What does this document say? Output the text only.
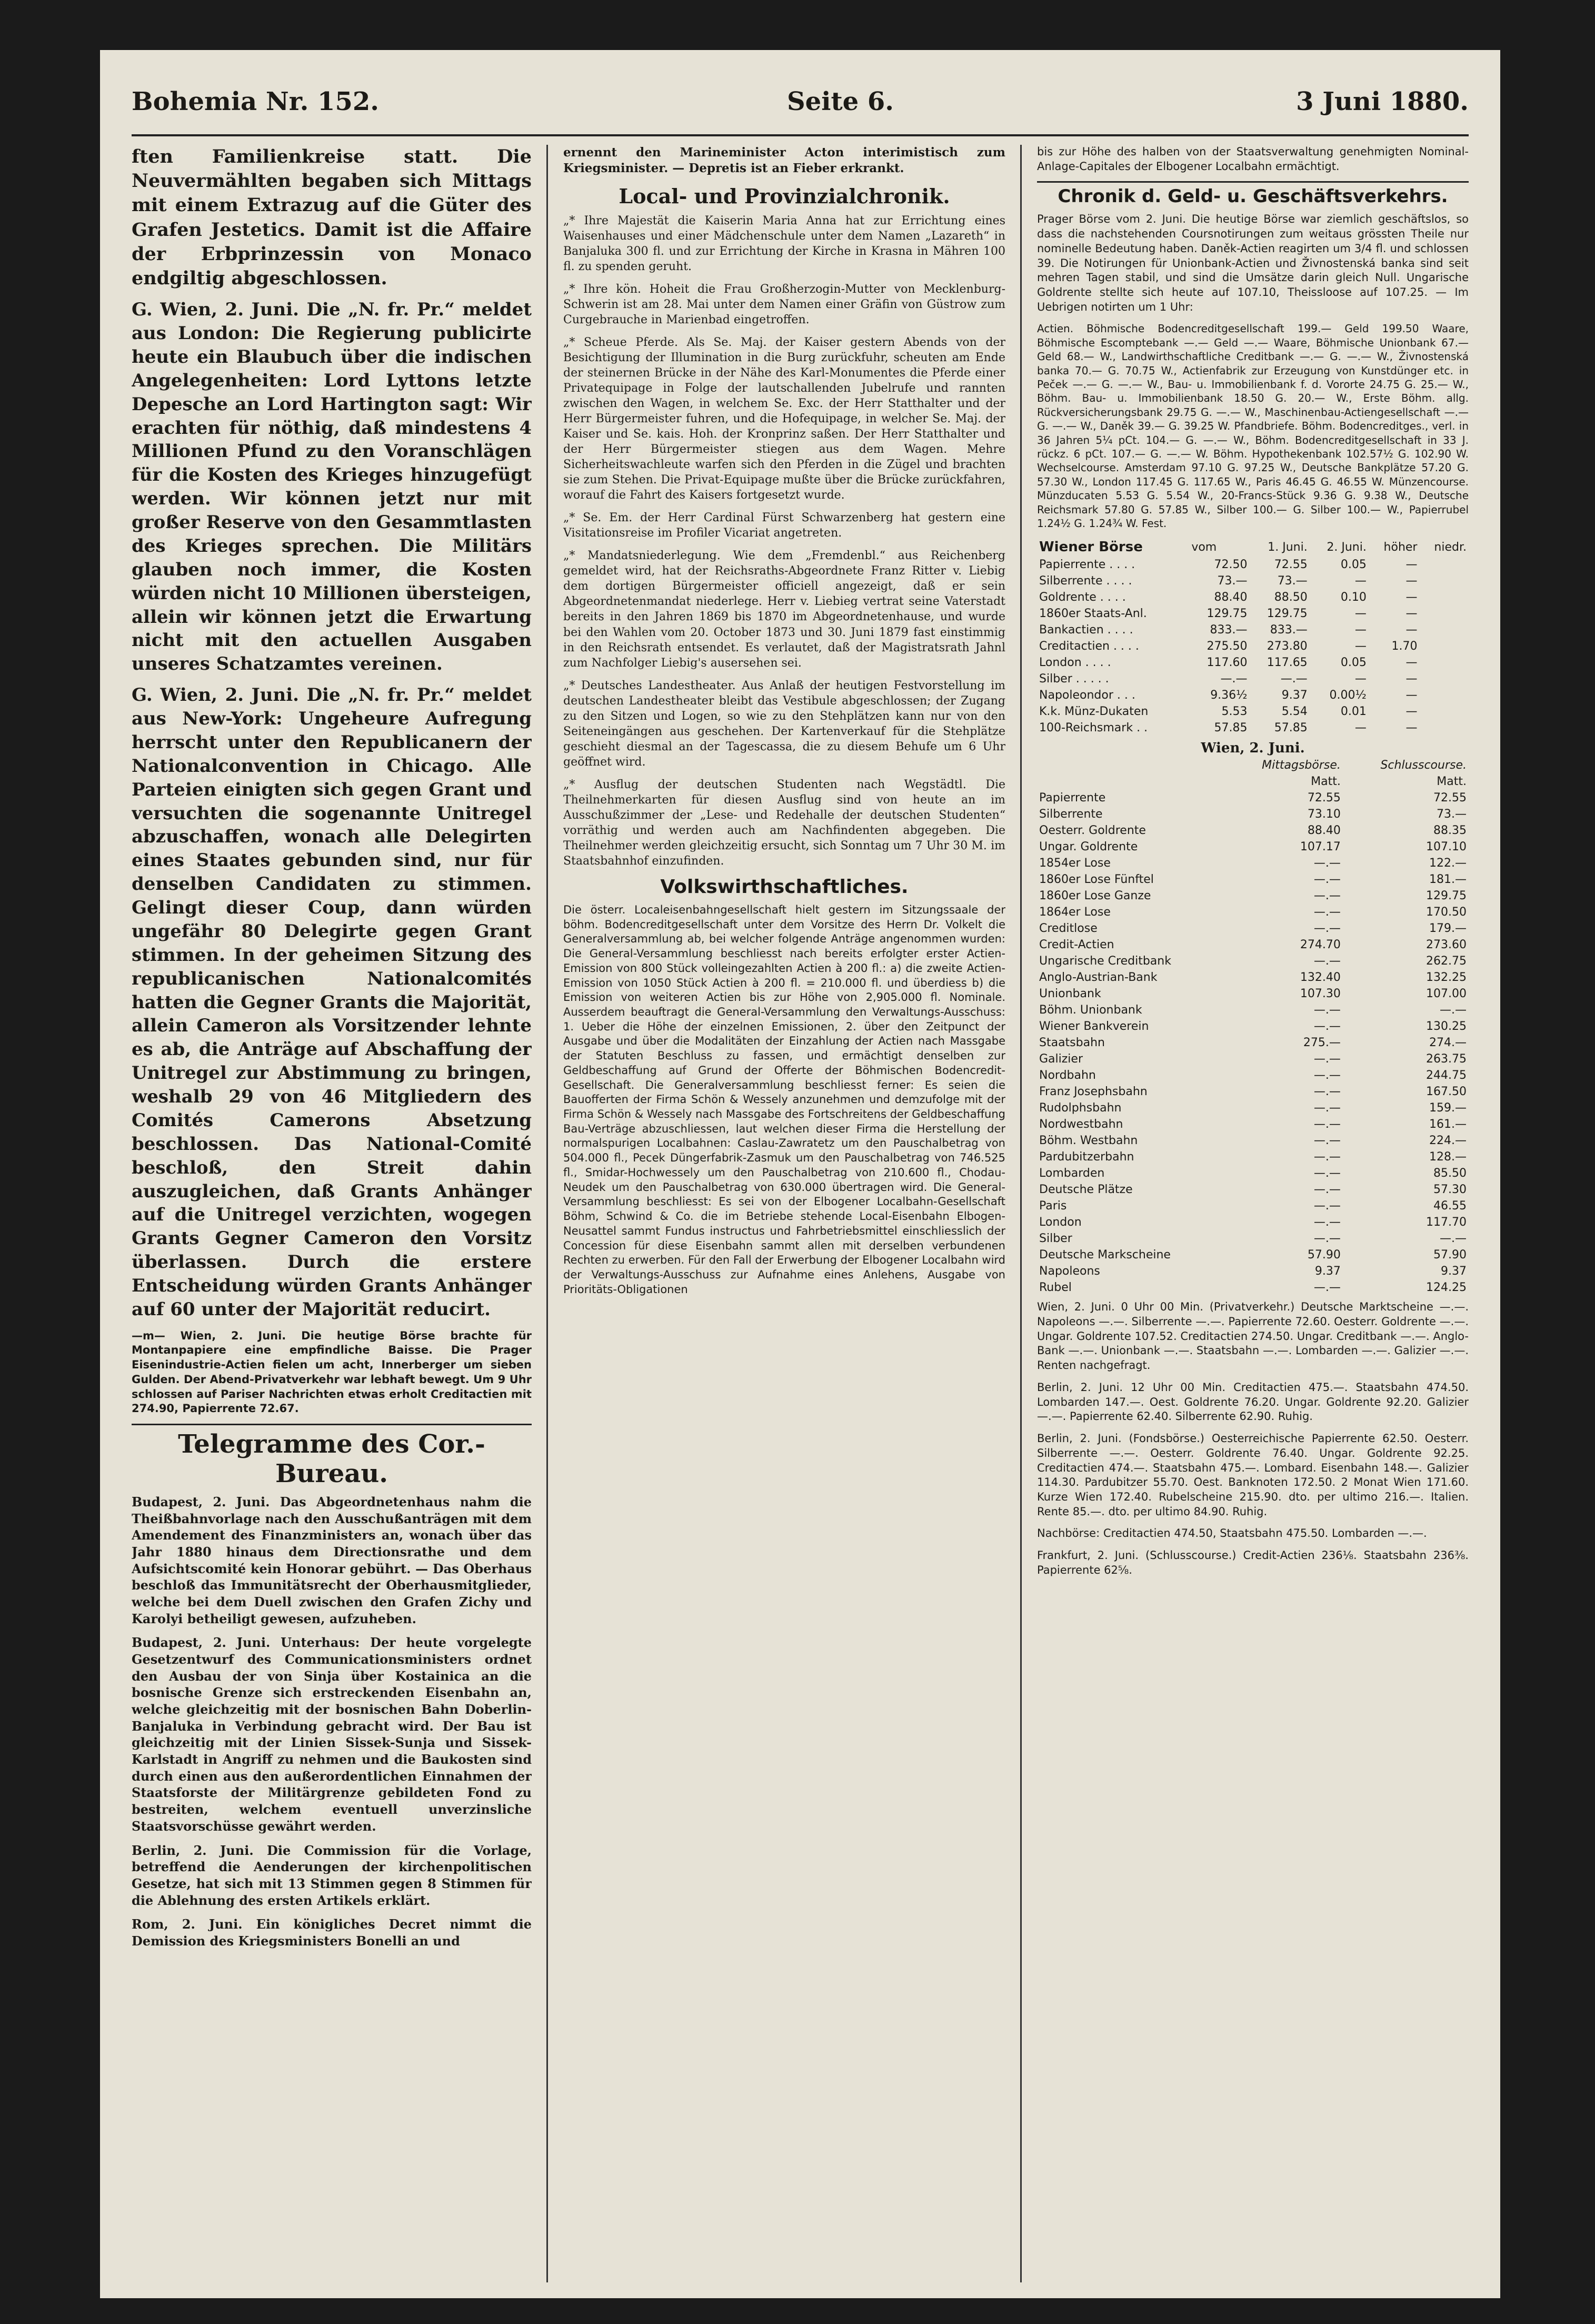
Bohemia Nr. 152.	Seite 6.	3 Juni 1880.

ften Familienkreise statt. Die Neuvermählten begaben sich Mittags mit einem Extrazug auf die Güter des Grafen Jestetics. Damit ist die Affaire der Erbprinzessin von Monaco endgiltig abgeschlossen.

G. Wien, 2. Juni. Die „N. fr. Pr.“ meldet aus London: Die Regierung publicirte heute ein Blaubuch über die indischen Angelegenheiten: Lord Lyttons letzte Depesche an Lord Hartington sagt: Wir erachten für nöthig, daß mindestens 4 Millionen Pfund zu den Voranschlägen für die Kosten des Krieges hinzugefügt werden. Wir können jetzt nur mit großer Reserve von den Gesammtlasten des Krieges sprechen. Die Militärs glauben noch immer, die Kosten würden nicht 10 Millionen übersteigen, allein wir können jetzt die Erwartung nicht mit den actuellen Ausgaben unseres Schatzamtes vereinen.

G. Wien, 2. Juni. Die „N. fr. Pr.“ meldet aus New-York: Ungeheure Aufregung herrscht unter den Republicanern der Nationalconvention in Chicago. Alle Parteien einigten sich gegen Grant und versuchten die sogenannte Unitregel abzuschaffen, wonach alle Delegirten eines Staates gebunden sind, nur für denselben Candidaten zu stimmen. Gelingt dieser Coup, dann würden ungefähr 80 Delegirte gegen Grant stimmen. In der geheimen Sitzung des republicanischen Nationalcomités hatten die Gegner Grants die Majorität, allein Cameron als Vorsitzender lehnte es ab, die Anträge auf Abschaffung der Unitregel zur Abstimmung zu bringen, weshalb 29 von 46 Mitgliedern des Comités Camerons Absetzung beschlossen. Das National-Comité beschloß, den Streit dahin auszugleichen, daß Grants Anhänger auf die Unitregel verzichten, wogegen Grants Gegner Cameron den Vorsitz überlassen. Durch die erstere Entscheidung würden Grants Anhänger auf 60 unter der Majorität reducirt.

—m— Wien, 2. Juni. Die heutige Börse brachte für Montanpapiere eine empfindliche Baisse. Die Prager Eisenindustrie-Actien fielen um acht, Innerberger um sieben Gulden. Der Abend-Privatverkehr war lebhaft bewegt. Um 9 Uhr schlossen auf Pariser Nachrichten etwas erholt Creditactien mit 274.90, Papierrente 72.67.

Telegramme des Cor.-Bureau.

Budapest, 2. Juni. Das Abgeordnetenhaus nahm die Theißbahnvorlage nach den Ausschußanträgen mit dem Amendement des Finanzministers an, wonach über das Jahr 1880 hinaus dem Directionsrathe und dem Aufsichtscomité kein Honorar gebührt. — Das Oberhaus beschloß das Immunitätsrecht der Oberhausmitglieder, welche bei dem Duell zwischen den Grafen Zichy und Karolyi betheiligt gewesen, aufzuheben.

Budapest, 2. Juni. Unterhaus: Der heute vorgelegte Gesetzentwurf des Communicationsministers ordnet den Ausbau der von Sinja über Kostainica an die bosnische Grenze sich erstreckenden Eisenbahn an, welche gleichzeitig mit der bosnischen Bahn Doberlin-Banjaluka in Verbindung gebracht wird. Der Bau ist gleichzeitig mit der Linien Sissek-Sunja und Sissek-Karlstadt in Angriff zu nehmen und die Baukosten sind durch einen aus den außerordentlichen Einnahmen der Staatsforste der Militärgrenze gebildeten Fond zu bestreiten, welchem eventuell unverzinsliche Staatsvorschüsse gewährt werden.

Berlin, 2. Juni. Die Commission für die Vorlage, betreffend die Aenderungen der kirchenpolitischen Gesetze, hat sich mit 13 Stimmen gegen 8 Stimmen für die Ablehnung des ersten Artikels erklärt.

Rom, 2. Juni. Ein königliches Decret nimmt die Demission des Kriegsministers Bonelli an und

ernennt den Marineminister Acton interimistisch zum Kriegsminister. — Depretis ist an Fieber erkrankt.

Local- und Provinzialchronik.

„* Ihre Majestät die Kaiserin Maria Anna hat zur Errichtung eines Waisenhauses und einer Mädchenschule unter dem Namen „Lazareth“ in Banjaluka 300 fl. und zur Errichtung der Kirche in Krasna in Mähren 100 fl. zu spenden geruht.

„* Ihre kön. Hoheit die Frau Großherzogin-Mutter von Mecklenburg-Schwerin ist am 28. Mai unter dem Namen einer Gräfin von Güstrow zum Curgebrauche in Marienbad eingetroffen.

„* Scheue Pferde. Als Se. Maj. der Kaiser gestern Abends von der Besichtigung der Illumination in die Burg zurückfuhr, scheuten am Ende der steinernen Brücke in der Nähe des Karl-Monumentes die Pferde einer Privatequipage in Folge der lautschallenden Jubelrufe und rannten zwischen den Wagen, in welchem Se. Exc. der Herr Statthalter und der Herr Bürgermeister fuhren, und die Hofequipage, in welcher Se. Maj. der Kaiser und Se. kais. Hoh. der Kronprinz saßen. Der Herr Statthalter und der Herr Bürgermeister stiegen aus dem Wagen. Mehre Sicherheitswachleute warfen sich den Pferden in die Zügel und brachten sie zum Stehen. Die Privat-Equipage mußte über die Brücke zurückfahren, worauf die Fahrt des Kaisers fortgesetzt wurde.

„* Se. Em. der Herr Cardinal Fürst Schwarzenberg hat gestern eine Visitationsreise im Profiler Vicariat angetreten.

„* Mandatsniederlegung. Wie dem „Fremdenbl.“ aus Reichenberg gemeldet wird, hat der Reichsraths-Abgeordnete Franz Ritter v. Liebig dem dortigen Bürgermeister officiell angezeigt, daß er sein Abgeordnetenmandat niederlege. Herr v. Liebieg vertrat seine Vaterstadt bereits in den Jahren 1869 bis 1870 im Abgeordnetenhause, und wurde bei den Wahlen vom 20. October 1873 und 30. Juni 1879 fast einstimmig in den Reichsrath entsendet. Es verlautet, daß der Magistratsrath Jahnl zum Nachfolger Liebig's ausersehen sei.

„* Deutsches Landestheater. Aus Anlaß der heutigen Festvorstellung im deutschen Landestheater bleibt das Vestibule abgeschlossen; der Zugang zu den Sitzen und Logen, so wie zu den Stehplätzen kann nur von den Seiteneingängen aus geschehen. Der Kartenverkauf für die Stehplätze geschieht diesmal an der Tagescassa, die zu diesem Behufe um 6 Uhr geöffnet wird.

„* Ausflug der deutschen Studenten nach Wegstädtl. Die Theilnehmerkarten für diesen Ausflug sind von heute an im Ausschußzimmer der „Lese- und Redehalle der deutschen Studenten“ vorräthig und werden auch am Nachfindenten abgegeben. Die Theilnehmer werden gleichzeitig ersucht, sich Sonntag um 7 Uhr 30 M. im Staatsbahnhof einzufinden.

Volkswirthschaftliches.

Die österr. Localeisenbahngesellschaft hielt gestern im Sitzungssaale der böhm. Bodencreditgesellschaft unter dem Vorsitze des Herrn Dr. Volkelt die Generalversammlung ab, bei welcher folgende Anträge angenommen wurden: Die General-Versammlung beschliesst nach bereits erfolgter erster Actien-Emission von 800 Stück volleingezahlten Actien à 200 fl.: a) die zweite Actien-Emission von 1050 Stück Actien à 200 fl. = 210.000 fl. und überdiess b) die Emission von weiteren Actien bis zur Höhe von 2,905.000 fl. Nominale. Ausserdem beauftragt die General-Versammlung den Verwaltungs-Ausschuss: 1. Ueber die Höhe der einzelnen Emissionen, 2. über den Zeitpunct der Ausgabe und über die Modalitäten der Einzahlung der Actien nach Massgabe der Statuten Beschluss zu fassen, und ermächtigt denselben zur Geldbeschaffung auf Grund der Offerte der Böhmischen Bodencredit-Gesellschaft. Die Generalversammlung beschliesst ferner: Es seien die Bauofferten der Firma Schön & Wessely anzunehmen und demzufolge mit der Firma Schön & Wessely nach Massgabe des Fortschreitens der Geldbeschaffung Bau-Verträge abzuschliessen, laut welchen dieser Firma die Herstellung der normalspurigen Localbahnen: Caslau-Zawratetz um den Pauschalbetrag von 504.000 fl., Pecek Düngerfabrik-Zasmuk um den Pauschalbetrag von 746.525 fl., Smidar-Hochwessely um den Pauschalbetrag von 210.600 fl., Chodau-Neudek um den Pauschalbetrag von 630.000 übertragen wird. Die General-Versammlung beschliesst: Es sei von der Elbogener Localbahn-Gesellschaft Böhm, Schwind & Co. die im Betriebe stehende Local-Eisenbahn Elbogen-Neusattel sammt Fundus instructus und Fahrbetriebsmittel einschliesslich der Concession für diese Eisenbahn sammt allen mit derselben verbundenen Rechten zu erwerben. Für den Fall der Erwerbung der Elbogener Localbahn wird der Verwaltungs-Ausschuss zur Aufnahme eines Anlehens, Ausgabe von Prioritäts-Obligationen

bis zur Höhe des halben von der Staatsverwaltung genehmigten Nominal-Anlage-Capitales der Elbogener Localbahn ermächtigt.

Chronik d. Geld- u. Geschäftsverkehrs.

Prager Börse vom 2. Juni. Die heutige Börse war ziemlich geschäftslos, so dass die nachstehenden Coursnotirungen zum weitaus grössten Theile nur nominelle Bedeutung haben. Daněk-Actien reagirten um 3/4 fl. und schlossen 39. Die Notirungen für Unionbank-Actien und Živnostenská banka sind seit mehren Tagen stabil, und sind die Umsätze darin gleich Null. Ungarische Goldrente stellte sich heute auf 107.10, Theissloose auf 107.25. — Im Uebrigen notirten um 1 Uhr:

Actien. Böhmische Bodencreditgesellschaft 199.— Geld 199.50 Waare, Böhmische Escomptebank —.— Geld —.— Waare, Böhmische Unionbank 67.— Geld 68.— W., Landwirthschaftliche Creditbank —.— G. —.— W., Živnostenská banka 70.— G. 70.75 W., Actienfabrik zur Erzeugung von Kunstdünger etc. in Peček —.— G. —.— W., Bau- u. Immobilienbank f. d. Vororte 24.75 G. 25.— W., Böhm. Bau- u. Immobilienbank 18.50 G. 20.— W., Erste Böhm. allg. Rückversicherungsbank 29.75 G. —.— W., Maschinenbau-Actiengesellschaft —.— G. —.— W., Daněk 39.— G. 39.25 W. Pfandbriefe. Böhm. Bodencreditges., verl. in 36 Jahren 5¼ pCt. 104.— G. —.— W., Böhm. Bodencreditgesellschaft in 33 J. rückz. 6 pCt. 107.— G. —.— W. Böhm. Hypothekenbank 102.57½ G. 102.90 W. Wechselcourse. Amsterdam 97.10 G. 97.25 W., Deutsche Bankplätze 57.20 G. 57.30 W., London 117.45 G. 117.65 W., Paris 46.45 G. 46.55 W. Münzencourse. Münzducaten 5.53 G. 5.54 W., 20-Francs-Stück 9.36 G. 9.38 W., Deutsche Reichsmark 57.80 G. 57.85 W., Silber 100.— G. Silber 100.— W., Papierrubel 1.24½ G. 1.24¾ W. Fest.

Wiener Börse	vom	1. Juni.	2. Juni.	höher	niedr.
Papierrente . . . .	72.50	72.55	0.05	—	
Silberrente . . . .	73.—	73.—	—	—	
Goldrente . . . .	88.40	88.50	0.10	—	
1860er Staats-Anl.	129.75	129.75	—	—	
Bankactien . . . .	833.—	833.—	—	—	
Creditactien . . . .	275.50	273.80	—	1.70	
London . . . .	117.60	117.65	0.05	—	
Silber . . . . .	—.—	—.—	—	—	
Napoleondor . . .	9.36½	9.37	0.00½	—	
K.k. Münz-Dukaten	5.53	5.54	0.01	—	
100-Reichsmark . .	57.85	57.85	—	—	
Wien, 2. Juni.
	Mittagsbörse.	Schlusscourse.
	Matt.	Matt.
Papierrente	72.55	72.55
Silberrente	73.10	73.—
Oesterr. Goldrente	88.40	88.35
Ungar. Goldrente	107.17	107.10
1854er Lose	—.—	122.—
1860er Lose Fünftel	—.—	181.—
1860er Lose Ganze	—.—	129.75
1864er Lose	—.—	170.50
Creditlose	—.—	179.—
Credit-Actien	274.70	273.60
Ungarische Creditbank	—.—	262.75
Anglo-Austrian-Bank	132.40	132.25
Unionbank	107.30	107.00
Böhm. Unionbank	—.—	—.—
Wiener Bankverein	—.—	130.25
Staatsbahn	275.—	274.—
Galizier	—.—	263.75
Nordbahn	—.—	244.75
Franz Josephsbahn	—.—	167.50
Rudolphsbahn	—.—	159.—
Nordwestbahn	—.—	161.—
Böhm. Westbahn	—.—	224.—
Pardubitzerbahn	—.—	128.—
Lombarden	—.—	85.50
Deutsche Plätze	—.—	57.30
Paris	—.—	46.55
London	—.—	117.70
Silber	—.—	—.—
Deutsche Markscheine	57.90	57.90
Napoleons	9.37	9.37
Rubel	—.—	124.25

Wien, 2. Juni. 0 Uhr 00 Min. (Privatverkehr.) Deutsche Marktscheine —.—. Napoleons —.—. Silberrente —.—. Papierrente 72.60. Oesterr. Goldrente —.—. Ungar. Goldrente 107.52. Creditactien 274.50. Ungar. Creditbank —.—. Anglo-Bank —.—. Unionbank —.—. Staatsbahn —.—. Lombarden —.—. Galizier —.—. Renten nachgefragt.

Berlin, 2. Juni. 12 Uhr 00 Min. Creditactien 475.—. Staatsbahn 474.50. Lombarden 147.—. Oest. Goldrente 76.20. Ungar. Goldrente 92.20. Galizier —.—. Papierrente 62.40. Silberrente 62.90. Ruhig.

Berlin, 2. Juni. (Fondsbörse.) Oesterreichische Papierrente 62.50. Oesterr. Silberrente —.—. Oesterr. Goldrente 76.40. Ungar. Goldrente 92.25. Creditactien 474.—. Staatsbahn 475.—. Lombard. Eisenbahn 148.—. Galizier 114.30. Pardubitzer 55.70. Oest. Banknoten 172.50. 2 Monat Wien 171.60. Kurze Wien 172.40. Rubelscheine 215.90. dto. per ultimo 216.—. Italien. Rente 85.—. dto. per ultimo 84.90. Ruhig.

Nachbörse: Creditactien 474.50, Staatsbahn 475.50. Lombarden —.—.

Frankfurt, 2. Juni. (Schlusscourse.) Credit-Actien 236⅛. Staatsbahn 236⅜. Papierrente 62⅝.
